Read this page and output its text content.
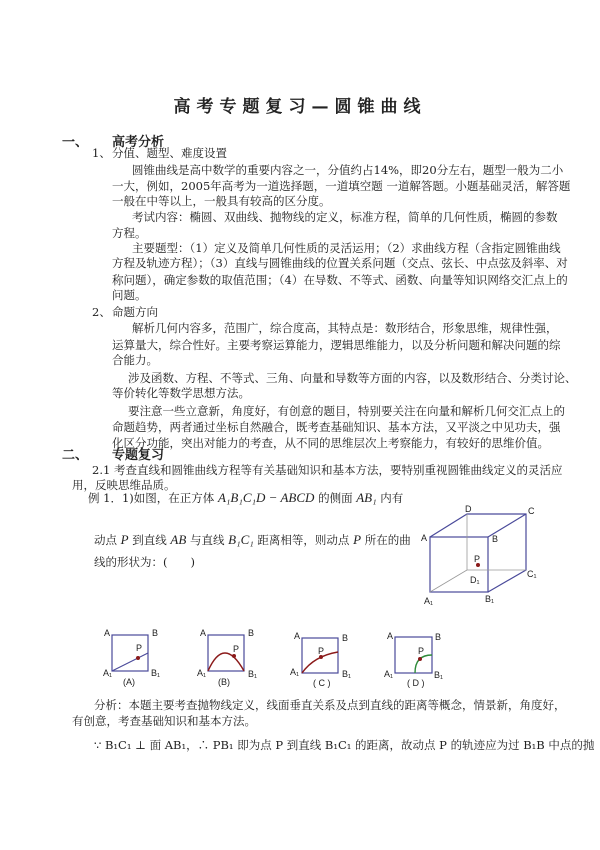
高考专题复习—圆锥曲线
一、 高考分析
1、 分值、题型、难度设置
圆锥曲线是高中数学的重要内容之一，分值约占14%，即20分左右，题型一般为二小
一大，例如，2005年高考为一道选择题，一道填空题 一道解答题。小题基础灵活，解答题
一般在中等以上，一般具有较高的区分度。
考试内容：椭圆、双曲线、抛物线的定义，标准方程，简单的几何性质，椭圆的参数
方程。
主要题型：（1）定义及简单几何性质的灵活运用；（2）求曲线方程（含指定圆锥曲线
方程及轨迹方程）；（3）直线与圆锥曲线的位置关系问题（交点、弦长、中点弦及斜率、对
称问题），确定参数的取值范围；（4）在导数、不等式、函数、向量等知识网络交汇点上的
问题。
2、 命题方向
解析几何内容多，范围广，综合度高，其特点是：数形结合，形象思维，规律性强，
运算量大，综合性好。主要考察运算能力，逻辑思维能力，以及分析问题和解决问题的综
合能力。
涉及函数、方程、不等式、三角、向量和导数等方面的内容，以及数形结合、分类讨论、
等价转化等数学思想方法。
要注意一些立意新，角度好，有创意的题目，特别要关注在向量和解析几何交汇点上的
命题趋势，两者通过坐标自然融合，既考查基础知识、基本方法，又平淡之中见功夫，强
化区分功能，突出对能力的考查，从不同的思维层次上考察能力，有较好的思维价值。
二、 专题复习
2.1 考查直线和圆锥曲线方程等有关基础知识和基本方法，要特别重视圆锥曲线定义的灵活应
用，反映思维品质。
例 1．1)如图，在正方体 A₁B₁C₁D − ABCD 的侧面 AB₁ 内有
动点 P 到直线 AB 与直线 B₁C₁ 距离相等，则动点 P 所在的曲
线的形状为：(　　)
A	B
C
D
A₁	B₁
C₁
D₁
P
A	B
A₁	B₁
P
(A)
A	B
A₁	B₁
P
(B)
A	B
A₁	B₁
P
( C )
A	B
A₁	B₁
P
( D )
分析：本题主要考查抛物线定义，线面垂直关系及点到直线的距离等概念，情景新，角度好，
有创意，考查基础知识和基本方法。
∵ B₁C₁ ⊥ 面 AB₁，∴ PB₁ 即为点 P 到直线 B₁C₁ 的距离，故动点 P 的轨迹应为过 B₁B 中点的抛
